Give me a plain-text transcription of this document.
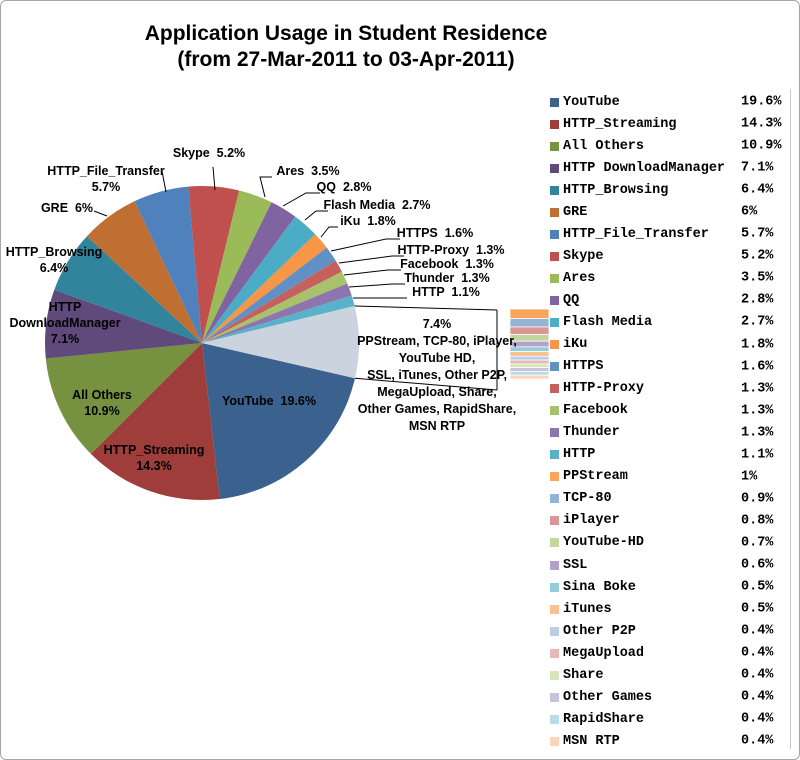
Application Usage in Student Residence
(from 27-Mar-2011 to 03-Apr-2011)
YouTube  19.6%
HTTP_Streaming
14.3%
All Others
10.9%
HTTP
DownloadManager
7.1%
HTTP_Browsing
6.4%
GRE  6%
HTTP_File_Transfer
5.7%
Skype  5.2%
Ares  3.5%
QQ  2.8%
Flash Media  2.7%
iKu  1.8%
HTTPS  1.6%
HTTP-Proxy  1.3%
Facebook  1.3%
Thunder  1.3%
HTTP  1.1%
7.4%
PPStream, TCP-80, iPlayer,
YouTube HD,
SSL, iTunes, Other P2P,
MegaUpload, Share,
Other Games, RapidShare,
MSN RTP
YouTube	19.6%
HTTP_Streaming	14.3%
All Others	10.9%
HTTP DownloadManager 7.1%
HTTP_Browsing	6.4%
GRE	6%
HTTP_File_Transfer 5.7%
Skype	5.2%
Ares	3.5%
QQ	2.8%
Flash Media	2.7%
iKu	1.8%
HTTPS	1.6%
HTTP-Proxy	1.3%
Facebook	1.3%
Thunder	1.3%
HTTP	1.1%
PPStream	1%
TCP-80	0.9%
iPlayer	0.8%
YouTube-HD	0.7%
SSL	0.6%
Sina Boke	0.5%
iTunes	0.5%
Other P2P	0.4%
MegaUpload	0.4%
Share	0.4%
Other Games	0.4%
RapidShare	0.4%
MSN RTP	0.4%
